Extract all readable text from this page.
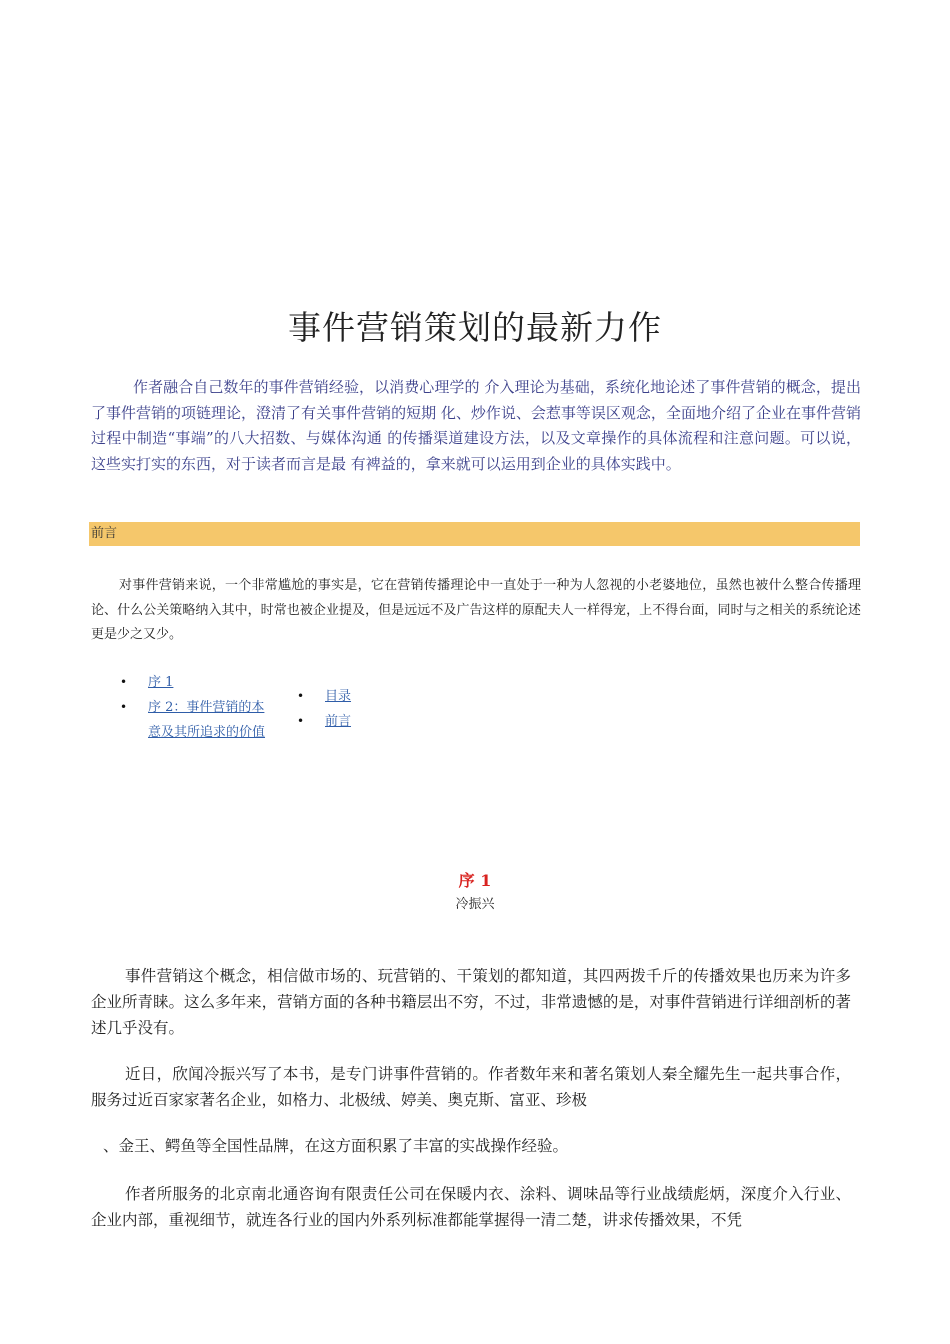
事件营销策划的最新力作

作者融合自己数年的事件营销经验，以消费心理学的 介入理论为基础，系统化地论述了事件营销的概念，提出了事件营销的项链理论，澄清了有关事件营销的短期 化、炒作说、会惹事等误区观念，全面地介绍了企业在事件营销过程中制造“事端”的八大招数、与媒体沟通 的传播渠道建设方法，以及文章操作的具体流程和注意问题。可以说，这些实打实的东西，对于读者而言是最 有裨益的，拿来就可以运用到企业的具体实践中。

前言

对事件营销来说，一个非常尴尬的事实是，它在营销传播理论中一直处于一种为人忽视的小老婆地位，虽然也被什么整合传播理论、什么公关策略纳入其中，时常也被企业提及，但是远远不及广告这样的原配夫人一样得宠，上不得台面，同时与之相关的系统论述更是少之又少。

• 序 1
• 序 2：事件营销的本意及其所追求的价值
• 目录
• 前言
序 1
冷振兴

事件营销这个概念，相信做市场的、玩营销的、干策划的都知道，其四两拨千斤的传播效果也历来为许多企业所青睐。这么多年来，营销方面的各种书籍层出不穷，不过，非常遗憾的是，对事件营销进行详细剖析的著述几乎没有。

近日，欣闻冷振兴写了本书，是专门讲事件营销的。作者数年来和著名策划人秦全耀先生一起共事合作，服务过近百家家著名企业，如格力、北极绒、婷美、奥克斯、富亚、珍极

、金王、鳄鱼等全国性品牌，在这方面积累了丰富的实战操作经验。

作者所服务的北京南北通咨询有限责任公司在保暖内衣、涂料、调味品等行业战绩彪炳，深度介入行业、企业内部，重视细节，就连各行业的国内外系列标准都能掌握得一清二楚，讲求传播效果，不凭
